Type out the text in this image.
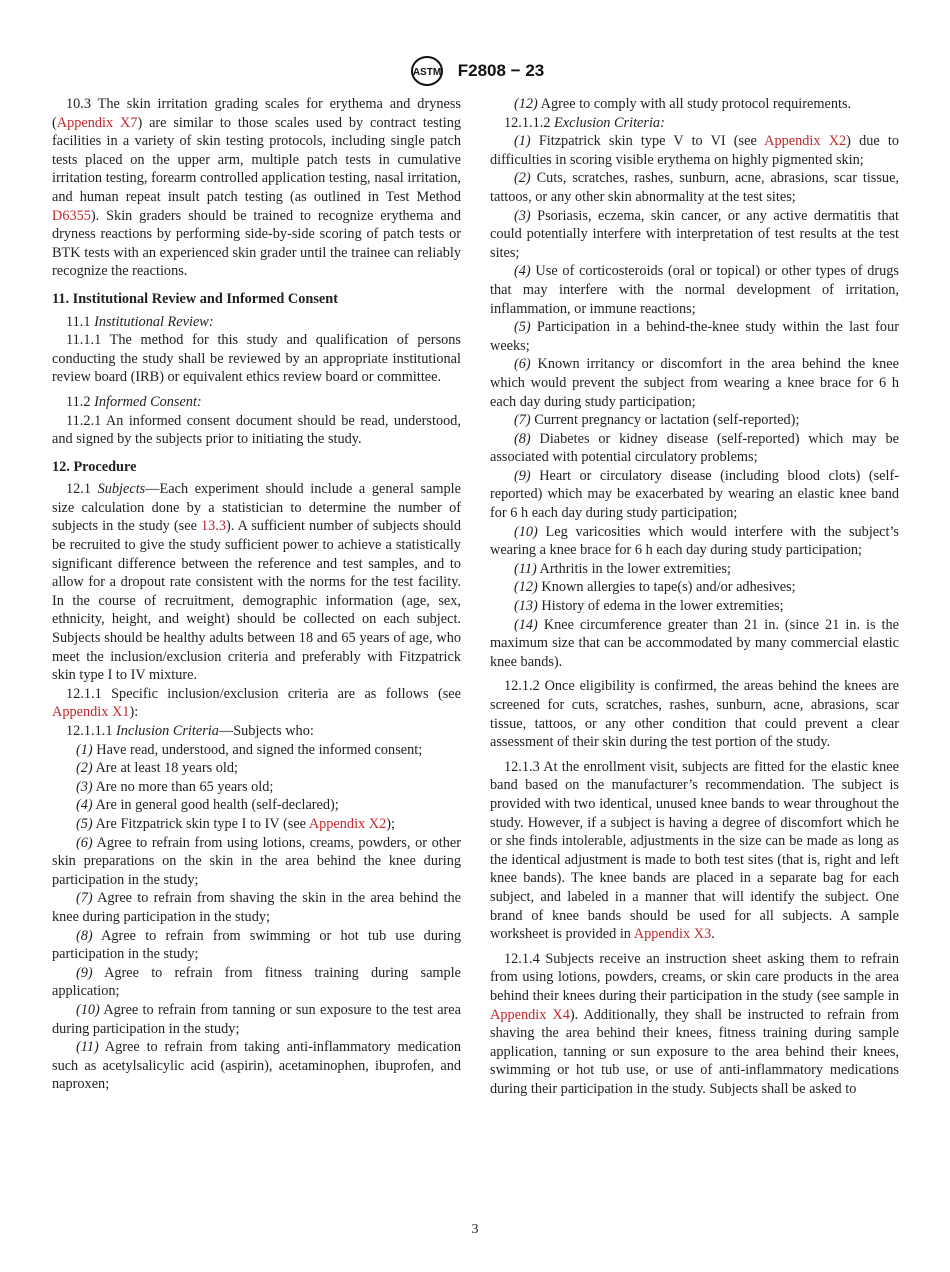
ASTM F2808 − 23

10.3 The skin irritation grading scales for erythema and dryness (Appendix X7) are similar to those scales used by contract testing facilities in a variety of skin testing protocols, including single patch tests placed on the upper arm, multiple patch tests in cumulative irritation testing, forearm controlled application testing, nasal irritation, and human repeat insult patch testing (as outlined in Test Method D6355). Skin graders should be trained to recognize erythema and dryness reactions by performing side-by-side scoring of patch tests or BTK tests with an experienced skin grader until the trainee can reliably recognize the reactions.

11. Institutional Review and Informed Consent

11.1 Institutional Review:

11.1.1 The method for this study and qualification of persons conducting the study shall be reviewed by an appropriate institutional review board (IRB) or equivalent ethics review board or committee.

11.2 Informed Consent:

11.2.1 An informed consent document should be read, understood, and signed by the subjects prior to initiating the study.

12. Procedure

12.1 Subjects—Each experiment should include a general sample size calculation done by a statistician to determine the number of subjects in the study (see 13.3). A sufficient number of subjects should be recruited to give the study sufficient power to achieve a statistically significant difference between the reference and test samples, and to allow for a dropout rate consistent with the norms for the test facility. In the course of recruitment, demographic information (age, sex, ethnicity, height, and weight) should be collected on each subject. Subjects should be healthy adults between 18 and 65 years of age, who meet the inclusion/exclusion criteria and preferably with Fitzpatrick skin type I to IV mixture.

12.1.1 Specific inclusion/exclusion criteria are as follows (see Appendix X1):

12.1.1.1 Inclusion Criteria—Subjects who:

(1) Have read, understood, and signed the informed consent;

(2) Are at least 18 years old;

(3) Are no more than 65 years old;

(4) Are in general good health (self-declared);

(5) Are Fitzpatrick skin type I to IV (see Appendix X2);

(6) Agree to refrain from using lotions, creams, powders, or other skin preparations on the skin in the area behind the knee during participation in the study;

(7) Agree to refrain from shaving the skin in the area behind the knee during participation in the study;

(8) Agree to refrain from swimming or hot tub use during participation in the study;

(9) Agree to refrain from fitness training during sample application;

(10) Agree to refrain from tanning or sun exposure to the test area during participation in the study;

(11) Agree to refrain from taking anti-inflammatory medication such as acetylsalicylic acid (aspirin), acetaminophen, ibuprofen, and naproxen;

(12) Agree to comply with all study protocol requirements.

12.1.1.2 Exclusion Criteria:

(1) Fitzpatrick skin type V to VI (see Appendix X2) due to difficulties in scoring visible erythema on highly pigmented skin;

(2) Cuts, scratches, rashes, sunburn, acne, abrasions, scar tissue, tattoos, or any other skin abnormality at the test sites;

(3) Psoriasis, eczema, skin cancer, or any active dermatitis that could potentially interfere with interpretation of test results at the test sites;

(4) Use of corticosteroids (oral or topical) or other types of drugs that may interfere with the normal development of irritation, inflammation, or immune reactions;

(5) Participation in a behind-the-knee study within the last four weeks;

(6) Known irritancy or discomfort in the area behind the knee which would prevent the subject from wearing a knee brace for 6 h each day during study participation;

(7) Current pregnancy or lactation (self-reported);

(8) Diabetes or kidney disease (self-reported) which may be associated with potential circulatory problems;

(9) Heart or circulatory disease (including blood clots) (self-reported) which may be exacerbated by wearing an elastic knee band for 6 h each day during study participation;

(10) Leg varicosities which would interfere with the subject’s wearing a knee brace for 6 h each day during study participation;

(11) Arthritis in the lower extremities;

(12) Known allergies to tape(s) and/or adhesives;

(13) History of edema in the lower extremities;

(14) Knee circumference greater than 21 in. (since 21 in. is the maximum size that can be accommodated by many commercial elastic knee bands).

12.1.2 Once eligibility is confirmed, the areas behind the knees are screened for cuts, scratches, rashes, sunburn, acne, abrasions, scar tissue, tattoos, or any other condition that could prevent a clear assessment of their skin during the test portion of the study.

12.1.3 At the enrollment visit, subjects are fitted for the elastic knee band based on the manufacturer’s recommendation. The subject is provided with two identical, unused knee bands to wear throughout the study. However, if a subject is having a degree of discomfort which he or she finds intolerable, adjustments in the size can be made as long as the identical adjustment is made to both test sites (that is, right and left knee bands). The knee bands are placed in a separate bag for each subject, and labeled in a manner that will identify the subject. One brand of knee bands should be used for all subjects. A sample worksheet is provided in Appendix X3.

12.1.4 Subjects receive an instruction sheet asking them to refrain from using lotions, powders, creams, or skin care products in the area behind their knees during their participation in the study (see sample in Appendix X4). Additionally, they shall be instructed to refrain from shaving the area behind their knees, fitness training during sample application, tanning or sun exposure to the area behind their knees, swimming or hot tub use, or use of anti-inflammatory medications during their participation in the study. Subjects shall be asked to

3
